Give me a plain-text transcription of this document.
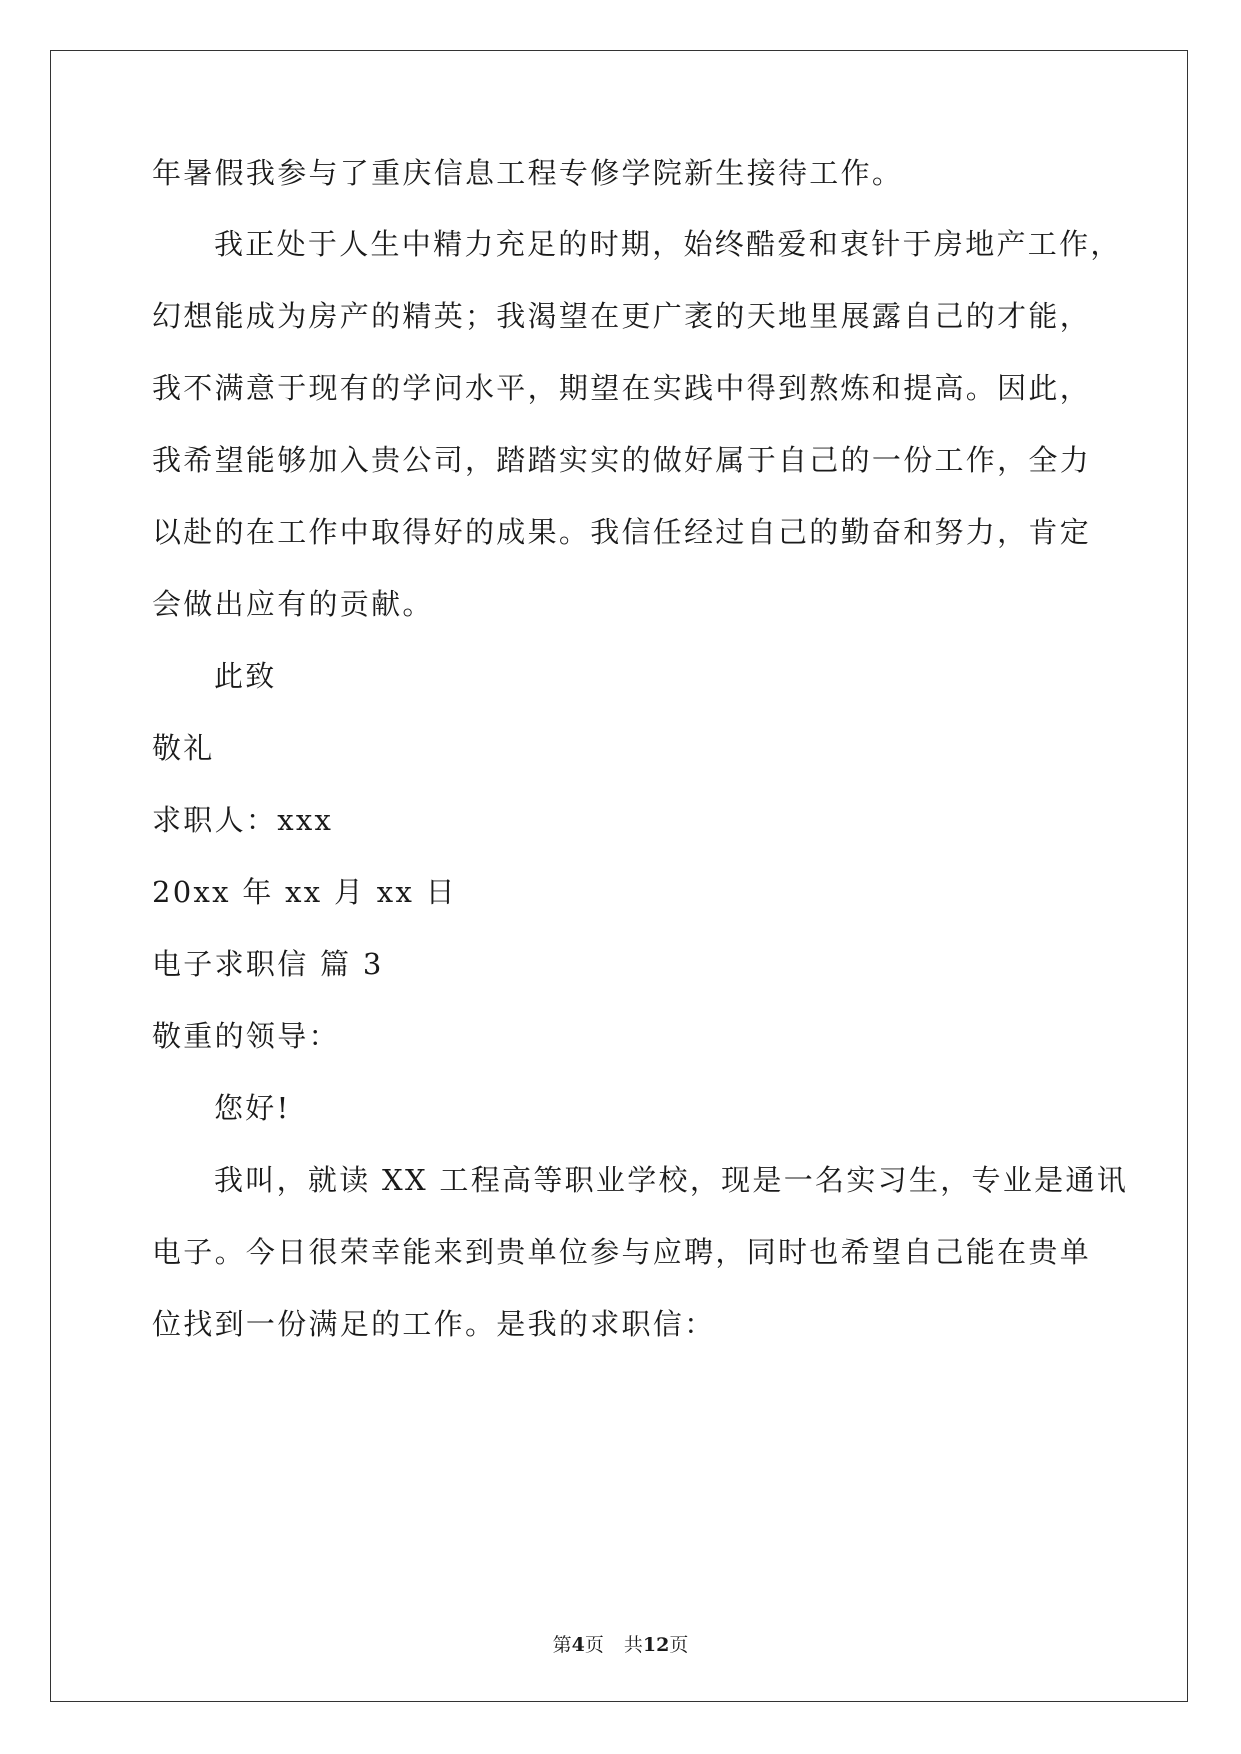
年暑假我参与了重庆信息工程专修学院新生接待工作。
我正处于人生中精力充足的时期，始终酷爱和衷针于房地产工作，
幻想能成为房产的精英；我渴望在更广袤的天地里展露自己的才能，
我不满意于现有的学问水平，期望在实践中得到熬炼和提高。因此，
我希望能够加入贵公司，踏踏实实的做好属于自己的一份工作，全力
以赴的在工作中取得好的成果。我信任经过自己的勤奋和努力，肯定
会做出应有的贡献。
此致
敬礼
求职人：xxx
20xx 年 xx 月 xx 日
电子求职信 篇 3
敬重的领导：
您好!
我叫，就读 XX 工程高等职业学校，现是一名实习生，专业是通讯
电子。今日很荣幸能来到贵单位参与应聘，同时也希望自己能在贵单
位找到一份满足的工作。是我的求职信：
第4页 共12页
